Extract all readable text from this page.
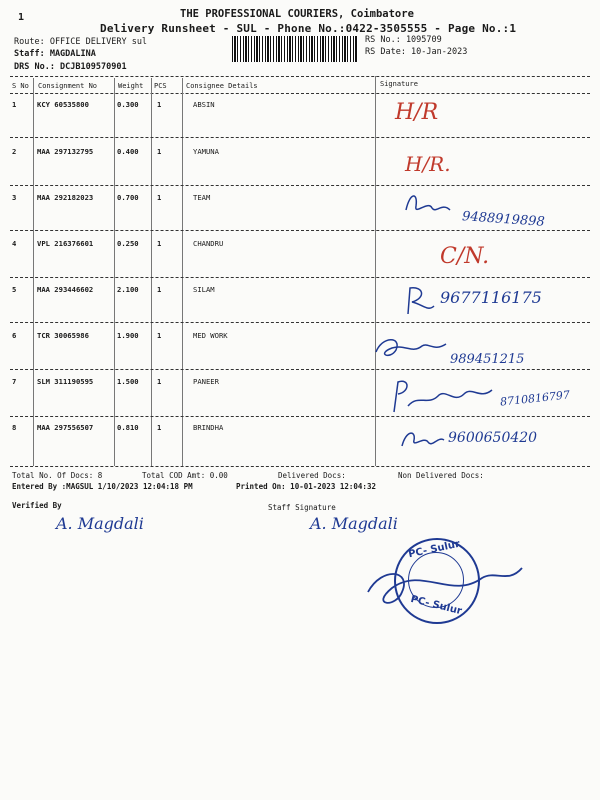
1	THE PROFESSIONAL COURIERS, Coimbatore
Delivery Runsheet - SUL - Phone No.:0422-3505555 - Page No.:1
Route: OFFICE DELIVERY sul
Staff: MAGDALINA
DRS No.: DCJB109570901
RS No.: 1095709
RS Date: 10-Jan-2023
S No Consignment No	Weight PCS	Consignee Details	Signature
1	KCY 60535800	0.300	1	ABSIN	H/R
2	MAA 297132795	0.400	1	YAMUNA
H/R.
3	MAA 292182023	0.700	1	TEAM
9488919898
4	VPL 216376601	0.250	1	CHANDRU
C/N.
5	MAA 293446602	2.100	1	SILAM	9677116175
6	TCR 30065986	1.900	1	MED WORK
989451215
7	SLM 311190595	1.500	1	PANEER
8710816797
8	MAA 297556507	0.810	1	BRINDHA
9600650420
Total No. Of Docs: 8	Total COD Amt: 0.00	Delivered Docs:	Non Delivered Docs:
Entered By :MAGSUL 1/10/2023 12:04:18 PM	Printed On: 10-01-2023 12:04:32
Verified By	Staff Signature
A. Magdali	A. Magdali
PC- Sulur
PC- Sulur
